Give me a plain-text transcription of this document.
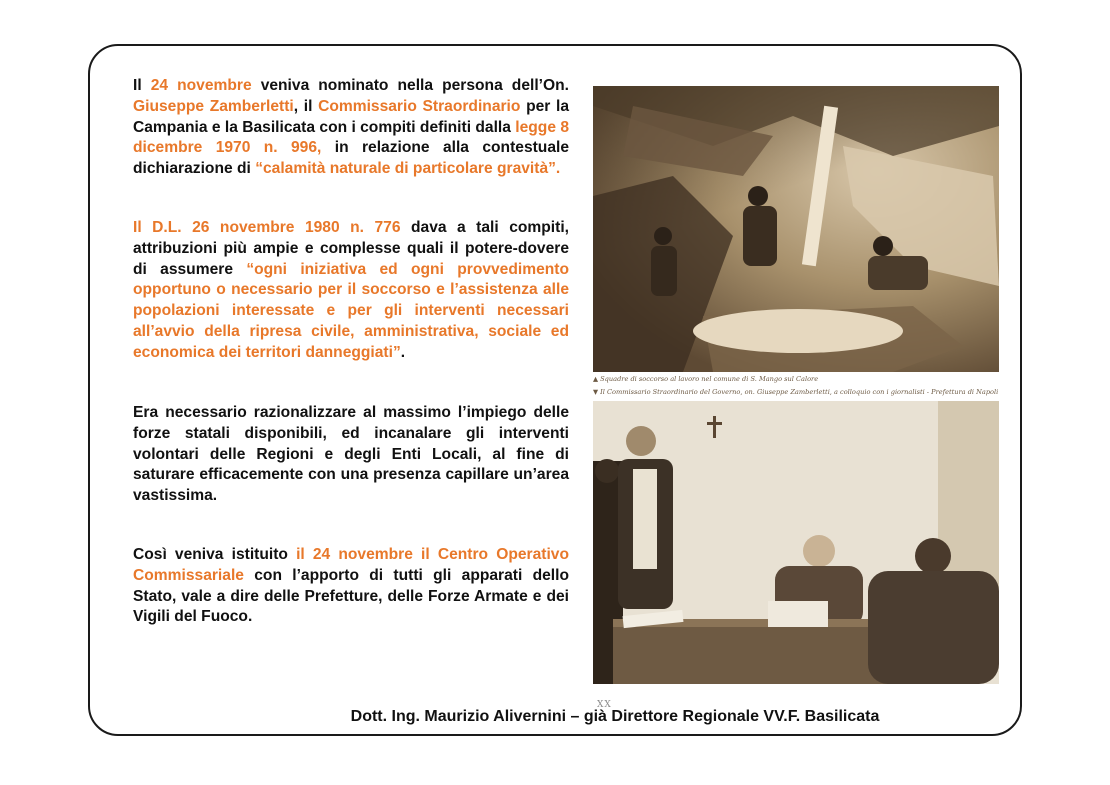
Il 24 novembre veniva nominato nella persona dell’On. Giuseppe Zamberletti, il Commissario Straordinario per la Campania e la Basilicata con i compiti definiti dalla legge 8 dicembre 1970 n. 996, in relazione alla contestuale dichiarazione di “calamità naturale di particolare gravità”.

Il D.L. 26 novembre 1980 n. 776 dava a tali compiti, attribuzioni più ampie e complesse quali il potere-dovere di assumere “ogni iniziativa ed ogni provvedimento opportuno o necessario per il soccorso e l’assistenza alle popolazioni interessate e per gli interventi necessari all’avvio della ripresa civile, amministrativa, sociale ed economica dei territori danneggiati”.

Era necessario razionalizzare al massimo l’impiego delle forze statali disponibili, ed incanalare gli interventi volontari delle Regioni e degli Enti Locali, al fine di saturare efficacemente con una presenza capillare un’area vastissima.

Così veniva istituito il 24 novembre il Centro Operativo Commissariale con l’apporto di tutti gli apparati dello Stato, vale a dire delle Prefetture, delle Forze Armate e dei Vigili del Fuoco.

▲ Squadre di soccorso al lavoro nel comune di S. Mango sul Calore
▼ Il Commissario Straordinario del Governo, on. Giuseppe Zamberletti, a colloquio con i giornalisti - Prefettura di Napoli
XX
Dott. Ing. Maurizio Alivernini – già Direttore Regionale VV.F. Basilicata
